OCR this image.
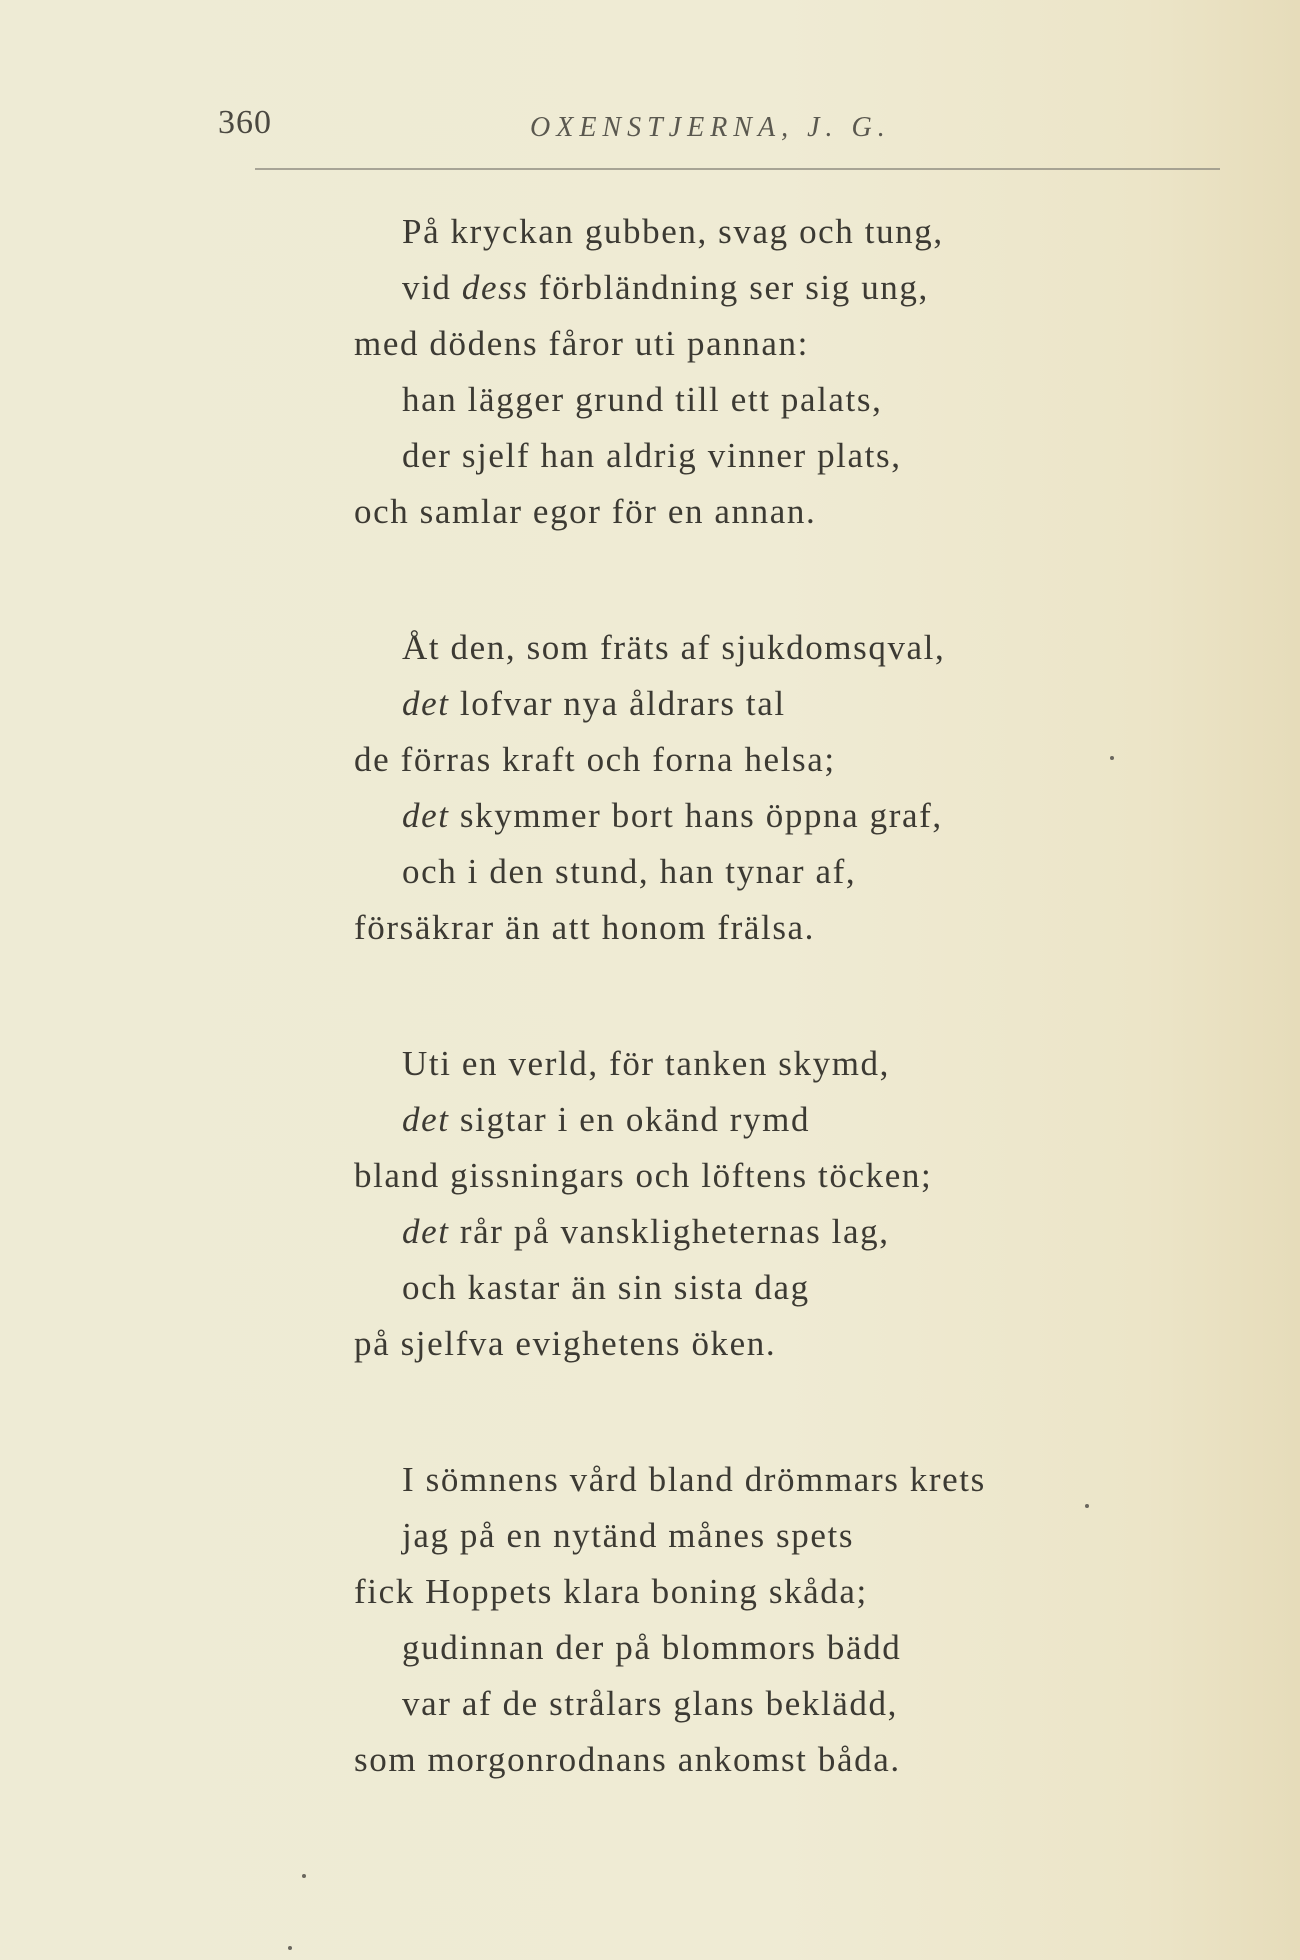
360	OXENSTJERNA, J. G.
På kryckan gubben, svag och tung,
vid dess förbländning ser sig ung,
med dödens fåror uti pannan:
han lägger grund till ett palats,
der sjelf han aldrig vinner plats,
och samlar egor för en annan.
Åt den, som fräts af sjukdomsqval,
det lofvar nya åldrars tal
de förras kraft och forna helsa;
det skymmer bort hans öppna graf,
och i den stund, han tynar af,
försäkrar än att honom frälsa.
Uti en verld, för tanken skymd,
det sigtar i en okänd rymd
bland gissningars och löftens töcken;
det rår på vanskligheternas lag,
och kastar än sin sista dag
på sjelfva evighetens öken.
I sömnens vård bland drömmars krets
jag på en nytänd månes spets
fick Hoppets klara boning skåda;
gudinnan der på blommors bädd
var af de strålars glans beklädd,
som morgonrodnans ankomst båda.
